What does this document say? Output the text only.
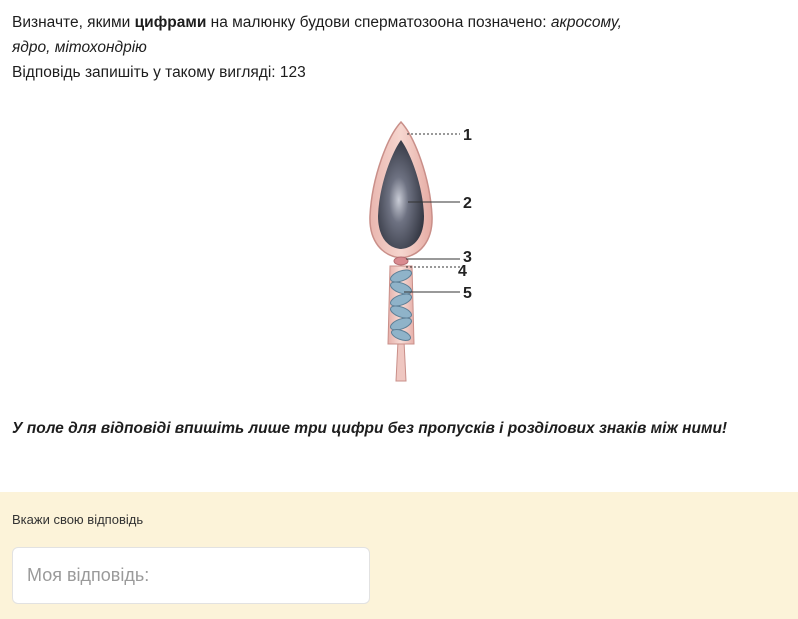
Визначте, якими цифрами на малюнку будови сперматозоона позначено: акросому,

ядро, мітохондрію

Відповідь запишіть у такому вигляді: 123

1
2
3
4
5
У поле для відповіді впишіть лише три цифри без пропусків і розділових знаків між ними!
Вкажи свою відповідь
Моя відповідь:
